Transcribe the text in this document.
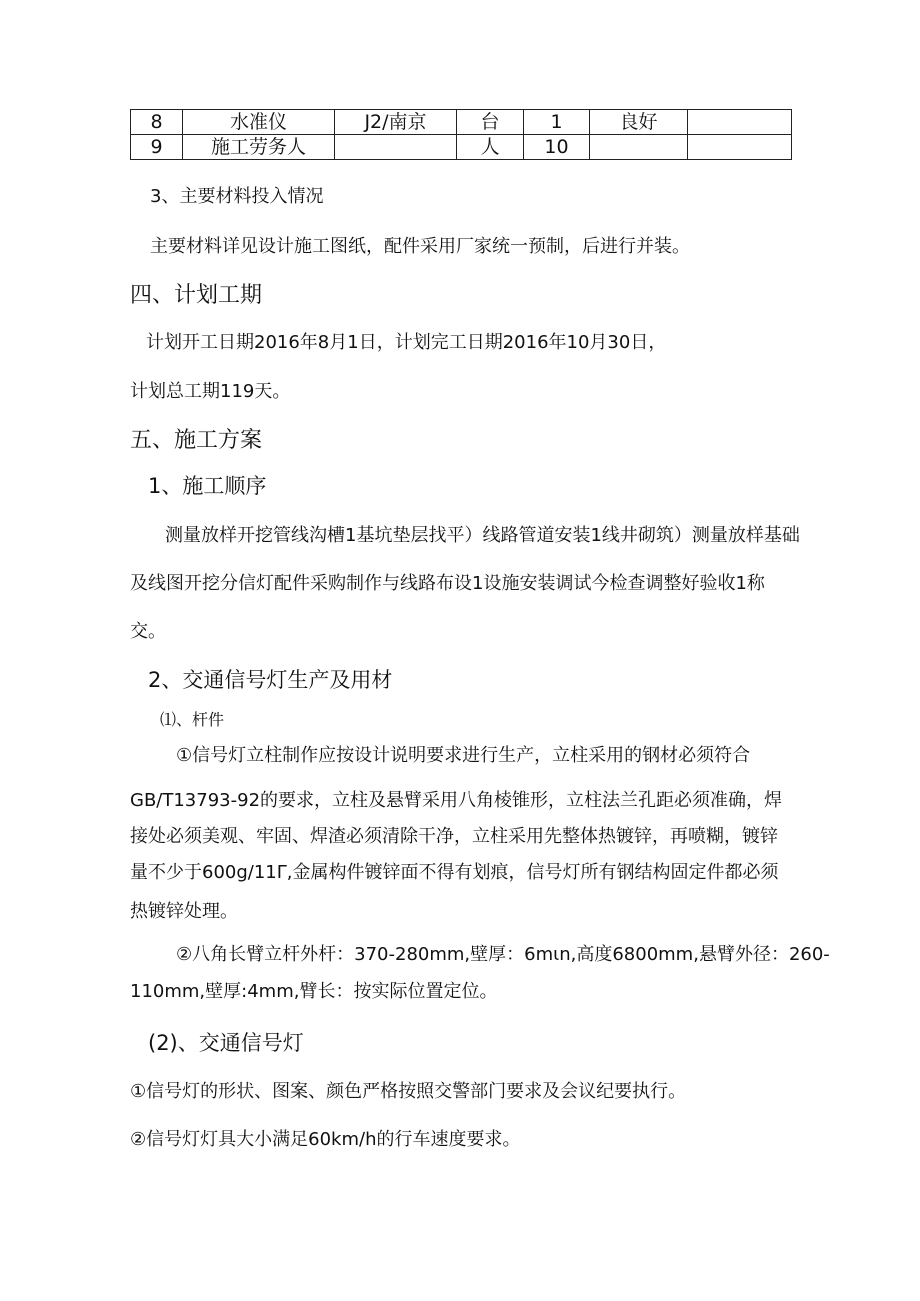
8	水准仪	J2/南京	台	1	良好	
9	施工劳务人		人	10		
3、主要材料投入情况
主要材料详见设计施工图纸，配件采用厂家统一预制，后进行并装。
四、计划工期
计划开工日期2016年8月1日，计划完工日期2016年10月30日，
计划总工期119天。
五、施工方案
1、施工顺序
测量放样开挖管线沟槽1基坑垫层找平）线路管道安装1线井砌筑）测量放样基础
及线图开挖分信灯配件采购制作与线路布设1设施安装调试今检查调整好验收1称
交。
2、交通信号灯生产及用材
⑴、杆件
①信号灯立柱制作应按设计说明要求进行生产，立柱采用的钢材必须符合
GB/T13793-92的要求，立柱及悬臂采用八角棱锥形，立柱法兰孔距必须准确，焊
接处必须美观、牢固、焊渣必须清除干净，立柱采用先整体热镀锌，再喷糊，镀锌
量不少于600g/11Γ,金属构件镀锌面不得有划痕，信号灯所有钢结构固定件都必须
热镀锌处理。
②八角长臂立杆外杆：370-280mm,壁厚：6mιn,高度6800mm,悬臂外径：260-
110mm,壁厚:4mm,臂长：按实际位置定位。
(2)、交通信号灯
①信号灯的形状、图案、颜色严格按照交警部门要求及会议纪要执行。
②信号灯灯具大小满足60km∕h的行车速度要求。
